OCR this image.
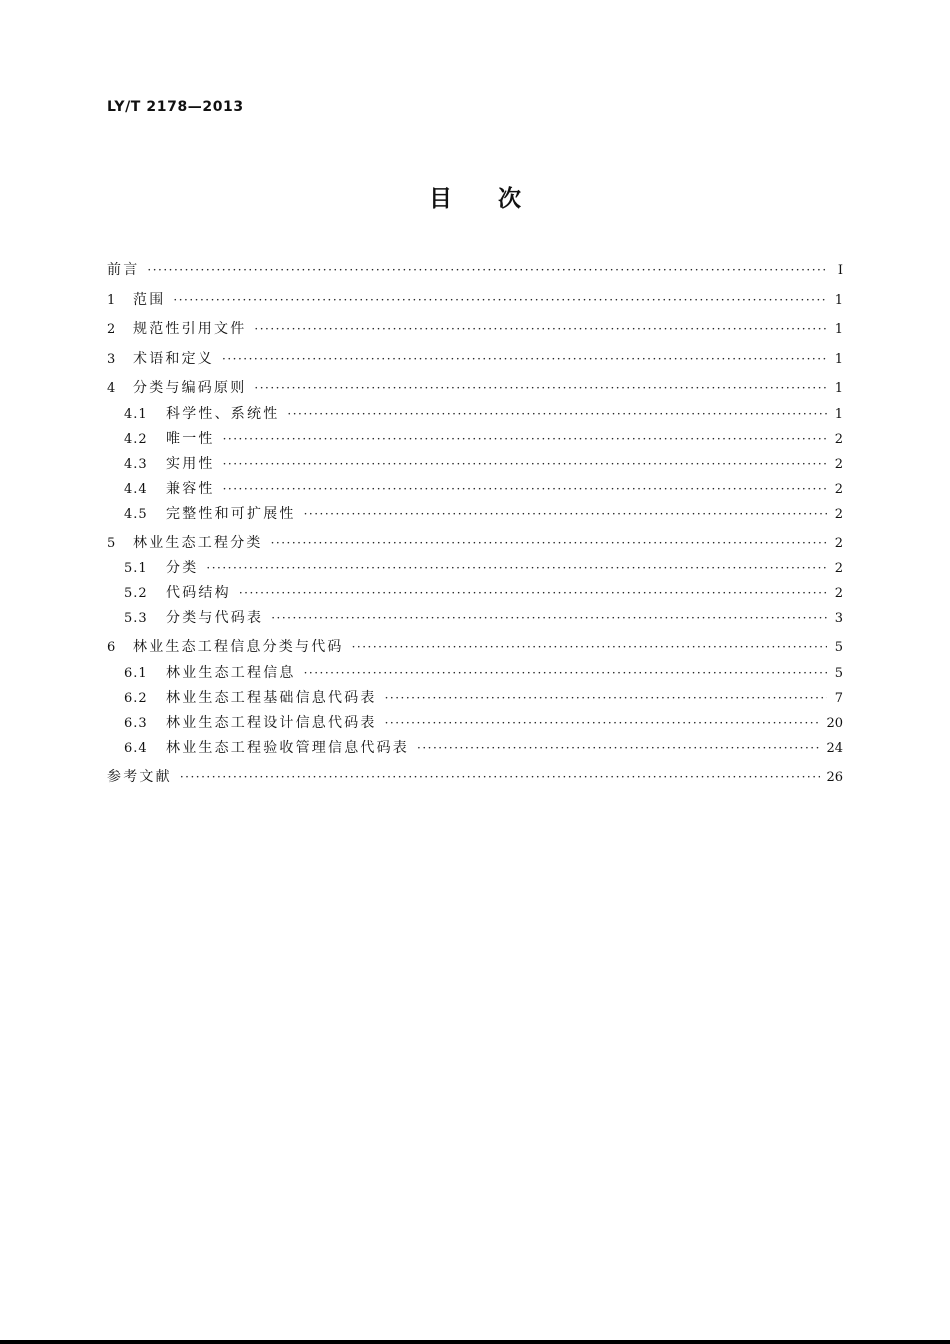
LY/T 2178—2013
目次
前言 ·····	Ⅰ
1	范围 ·····	1
2	规范性引用文件 ·····	1
3	术语和定义 ·····	1
4	分类与编码原则 ·····	1
4.1	科学性、系统性 ·····	1
4.2	唯一性 ·····	2
4.3	实用性 ·····	2
4.4	兼容性 ·····	2
4.5	完整性和可扩展性 ·····	2
5	林业生态工程分类 ·····	2
5.1	分类 ·····	2
5.2	代码结构 ·····	2
5.3	分类与代码表 ·····	3
6	林业生态工程信息分类与代码 ·····	5
6.1	林业生态工程信息 ·····	5
6.2	林业生态工程基础信息代码表 ·····	7
6.3	林业生态工程设计信息代码表 ·····	20
6.4	林业生态工程验收管理信息代码表 ·····	24
参考文献 ·····	26
